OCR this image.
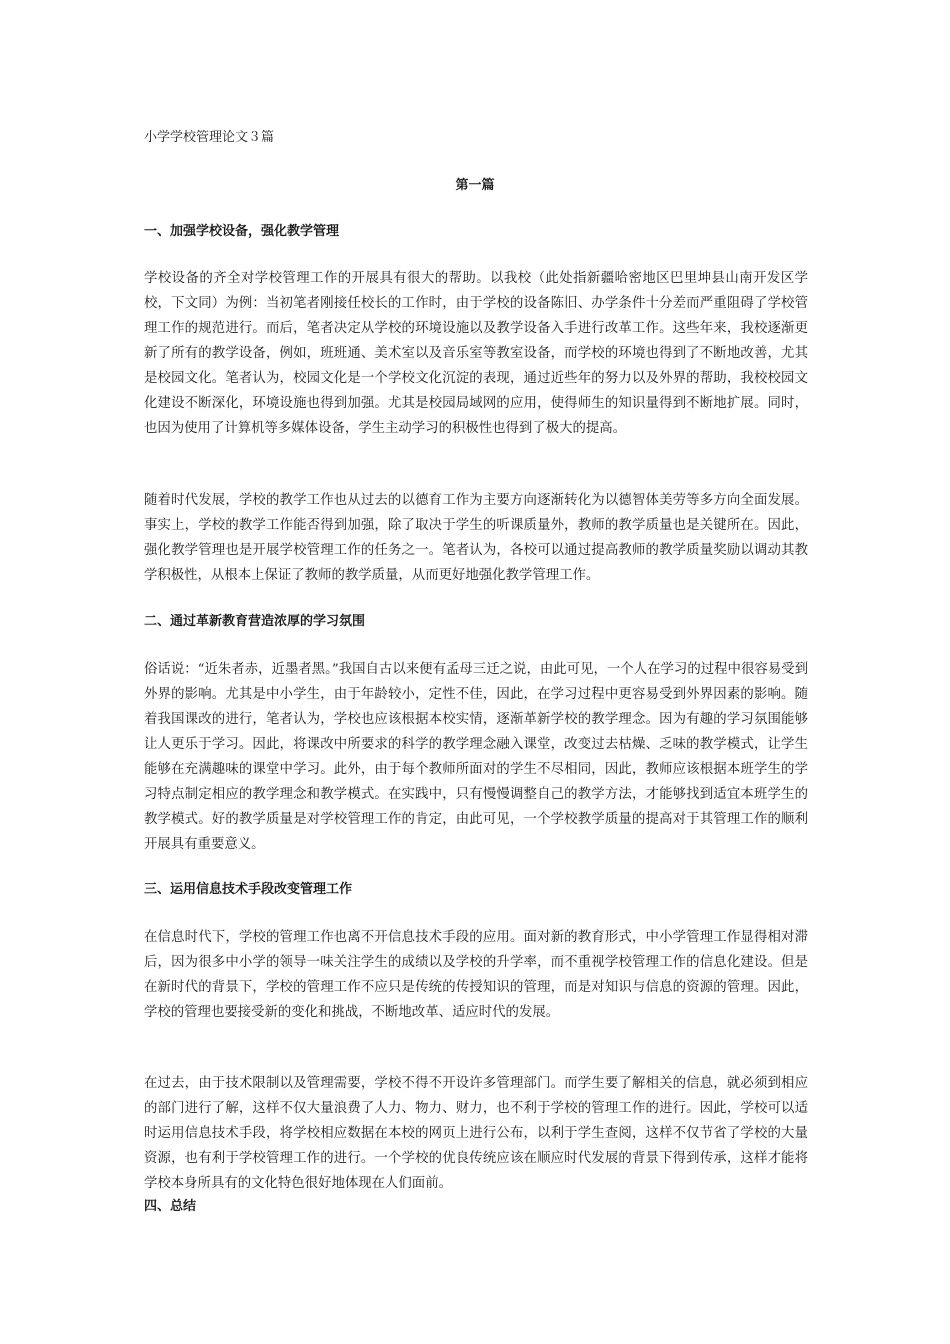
小学学校管理论文３篇

第一篇
一、加强学校设备，强化教学管理

学校设备的齐全对学校管理工作的开展具有很大的帮助。以我校（此处指新疆哈密地区巴里坤县山南开发区学校，下文同）为例：当初笔者刚接任校长的工作时，由于学校的设备陈旧、办学条件十分差而严重阻碍了学校管理工作的规范进行。而后，笔者决定从学校的环境设施以及教学设备入手进行改革工作。这些年来，我校逐渐更新了所有的教学设备，例如，班班通、美术室以及音乐室等教室设备，而学校的环境也得到了不断地改善，尤其是校园文化。笔者认为，校园文化是一个学校文化沉淀的表现，通过近些年的努力以及外界的帮助，我校校园文化建设不断深化，环境设施也得到加强。尤其是校园局域网的应用，使得师生的知识量得到不断地扩展。同时，也因为使用了计算机等多媒体设备，学生主动学习的积极性也得到了极大的提高。

随着时代发展，学校的教学工作也从过去的以德育工作为主要方向逐渐转化为以德智体美劳等多方向全面发展。事实上，学校的教学工作能否得到加强，除了取决于学生的听课质量外，教师的教学质量也是关键所在。因此，强化教学管理也是开展学校管理工作的任务之一。笔者认为，各校可以通过提高教师的教学质量奖励以调动其教学积极性，从根本上保证了教师的教学质量，从而更好地强化教学管理工作。

二、通过革新教育营造浓厚的学习氛围

俗话说：“近朱者赤，近墨者黑。”我国自古以来便有孟母三迁之说，由此可见，一个人在学习的过程中很容易受到外界的影响。尤其是中小学生，由于年龄较小，定性不佳，因此，在学习过程中更容易受到外界因素的影响。随着我国课改的进行，笔者认为，学校也应该根据本校实情，逐渐革新学校的教学理念。因为有趣的学习氛围能够让人更乐于学习。因此，将课改中所要求的科学的教学理念融入课堂，改变过去枯燥、乏味的教学模式，让学生能够在充满趣味的课堂中学习。此外，由于每个教师所面对的学生不尽相同，因此，教师应该根据本班学生的学习特点制定相应的教学理念和教学模式。在实践中，只有慢慢调整自己的教学方法，才能够找到适宜本班学生的教学模式。好的教学质量是对学校管理工作的肯定，由此可见，一个学校教学质量的提高对于其管理工作的顺利开展具有重要意义。

三、运用信息技术手段改变管理工作

在信息时代下，学校的管理工作也离不开信息技术手段的应用。面对新的教育形式，中小学管理工作显得相对滞后，因为很多中小学的领导一味关注学生的成绩以及学校的升学率，而不重视学校管理工作的信息化建设。但是在新时代的背景下，学校的管理工作不应只是传统的传授知识的管理，而是对知识与信息的资源的管理。因此，学校的管理也要接受新的变化和挑战，不断地改革、适应时代的发展。

在过去，由于技术限制以及管理需要，学校不得不开设许多管理部门。而学生要了解相关的信息，就必须到相应的部门进行了解，这样不仅大量浪费了人力、物力、财力，也不利于学校的管理工作的进行。因此，学校可以适时运用信息技术手段，将学校相应数据在本校的网页上进行公布，以利于学生查阅，这样不仅节省了学校的大量资源，也有利于学校管理工作的进行。一个学校的优良传统应该在顺应时代发展的背景下得到传承，这样才能将学校本身所具有的文化特色很好地体现在人们面前。

四、总结
